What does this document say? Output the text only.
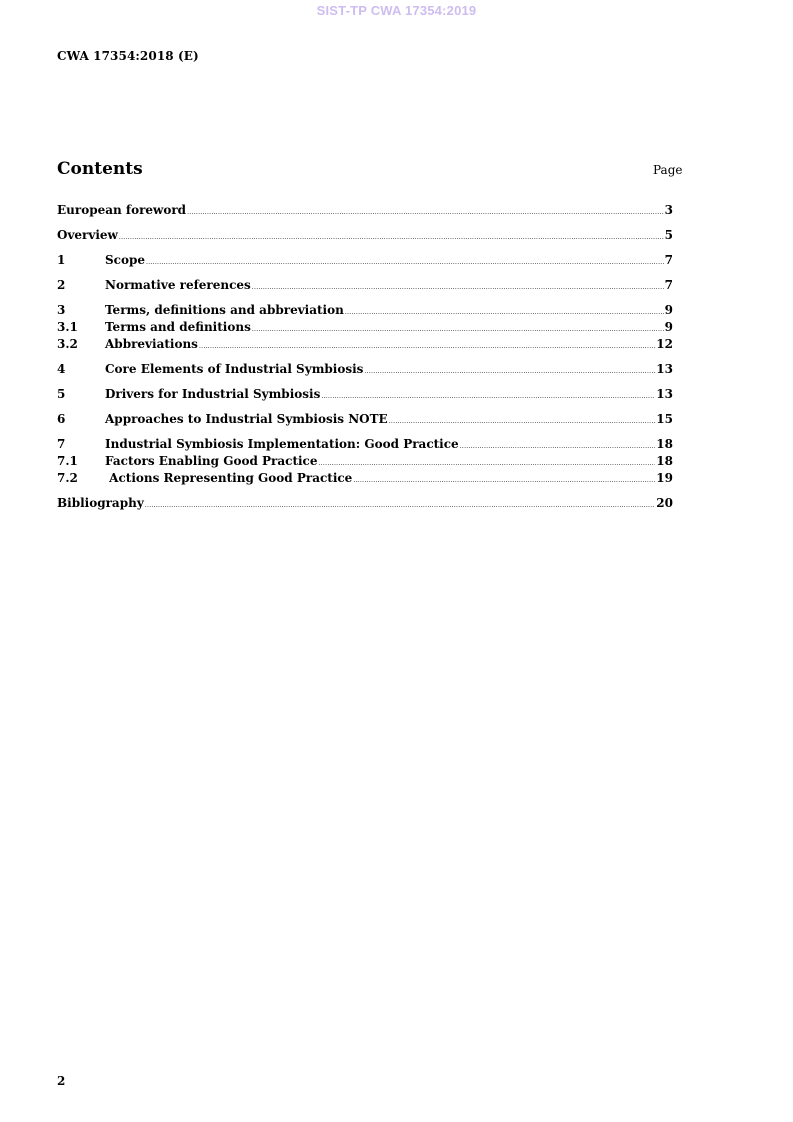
SIST-TP CWA 17354:2019
CWA 17354:2018 (E)
Contents	Page
European foreword .....	3
Overview .....	5
1	Scope .....	7
2	Normative references .....	7
3	Terms, definitions and abbreviation .....	9
3.1	Terms and definitions .....	9
3.2	Abbreviations .....	12
4	Core Elements of Industrial Symbiosis .....	13
5	Drivers for Industrial Symbiosis .....	13
6	Approaches to Industrial Symbiosis NOTE .....	15
7	Industrial Symbiosis Implementation: Good Practice .....	18
7.1	Factors Enabling Good Practice .....	18
7.2	Actions Representing Good Practice .....	19
Bibliography .....	20
2
